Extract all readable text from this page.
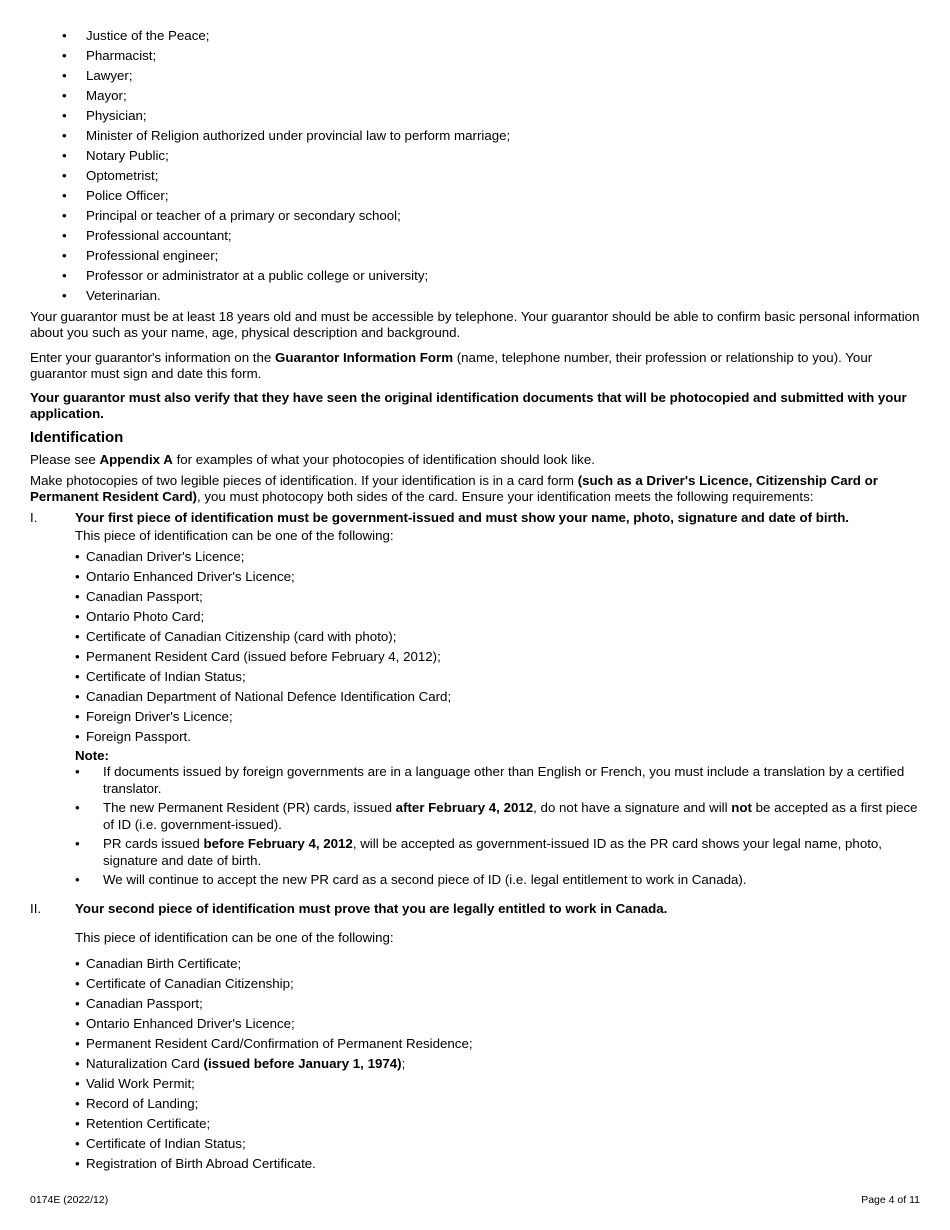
• Justice of the Peace;
• Pharmacist;
• Lawyer;
• Mayor;
• Physician;
• Minister of Religion authorized under provincial law to perform marriage;
• Notary Public;
• Optometrist;
• Police Officer;
• Principal or teacher of a primary or secondary school;
• Professional accountant;
• Professional engineer;
• Professor or administrator at a public college or university;
• Veterinarian.

Your guarantor must be at least 18 years old and must be accessible by telephone. Your guarantor should be able to confirm basic personal information about you such as your name, age, physical description and background.

Enter your guarantor's information on the Guarantor Information Form (name, telephone number, their profession or relationship to you). Your guarantor must sign and date this form.

Your guarantor must also verify that they have seen the original identification documents that will be photocopied and submitted with your application.

Identification

Please see Appendix A for examples of what your photocopies of identification should look like.

Make photocopies of two legible pieces of identification. If your identification is in a card form (such as a Driver's Licence, Citizenship Card or Permanent Resident Card), you must photocopy both sides of the card. Ensure your identification meets the following requirements:

I.	Your first piece of identification must be government-issued and must show your name, photo, signature and date of birth.

This piece of identification can be one of the following:

• Canadian Driver's Licence;
• Ontario Enhanced Driver's Licence;
• Canadian Passport;
• Ontario Photo Card;
• Certificate of Canadian Citizenship (card with photo);
• Permanent Resident Card (issued before February 4, 2012);
• Certificate of Indian Status;
• Canadian Department of National Defence Identification Card;
• Foreign Driver's Licence;
• Foreign Passport.

Note:

• If documents issued by foreign governments are in a language other than English or French, you must include a translation by a certified translator.
• The new Permanent Resident (PR) cards, issued after February 4, 2012, do not have a signature and will not be accepted as a first piece of ID (i.e. government-issued).
• PR cards issued before February 4, 2012, will be accepted as government-issued ID as the PR card shows your legal name, photo, signature and date of birth.
• We will continue to accept the new PR card as a second piece of ID (i.e. legal entitlement to work in Canada).
II.	Your second piece of identification must prove that you are legally entitled to work in Canada.

This piece of identification can be one of the following:

• Canadian Birth Certificate;
• Certificate of Canadian Citizenship;
• Canadian Passport;
• Ontario Enhanced Driver's Licence;
• Permanent Resident Card/Confirmation of Permanent Residence;
• Naturalization Card (issued before January 1, 1974);
• Valid Work Permit;
• Record of Landing;
• Retention Certificate;
• Certificate of Indian Status;
• Registration of Birth Abroad Certificate.
0174E (2022/12)	Page 4 of 11
